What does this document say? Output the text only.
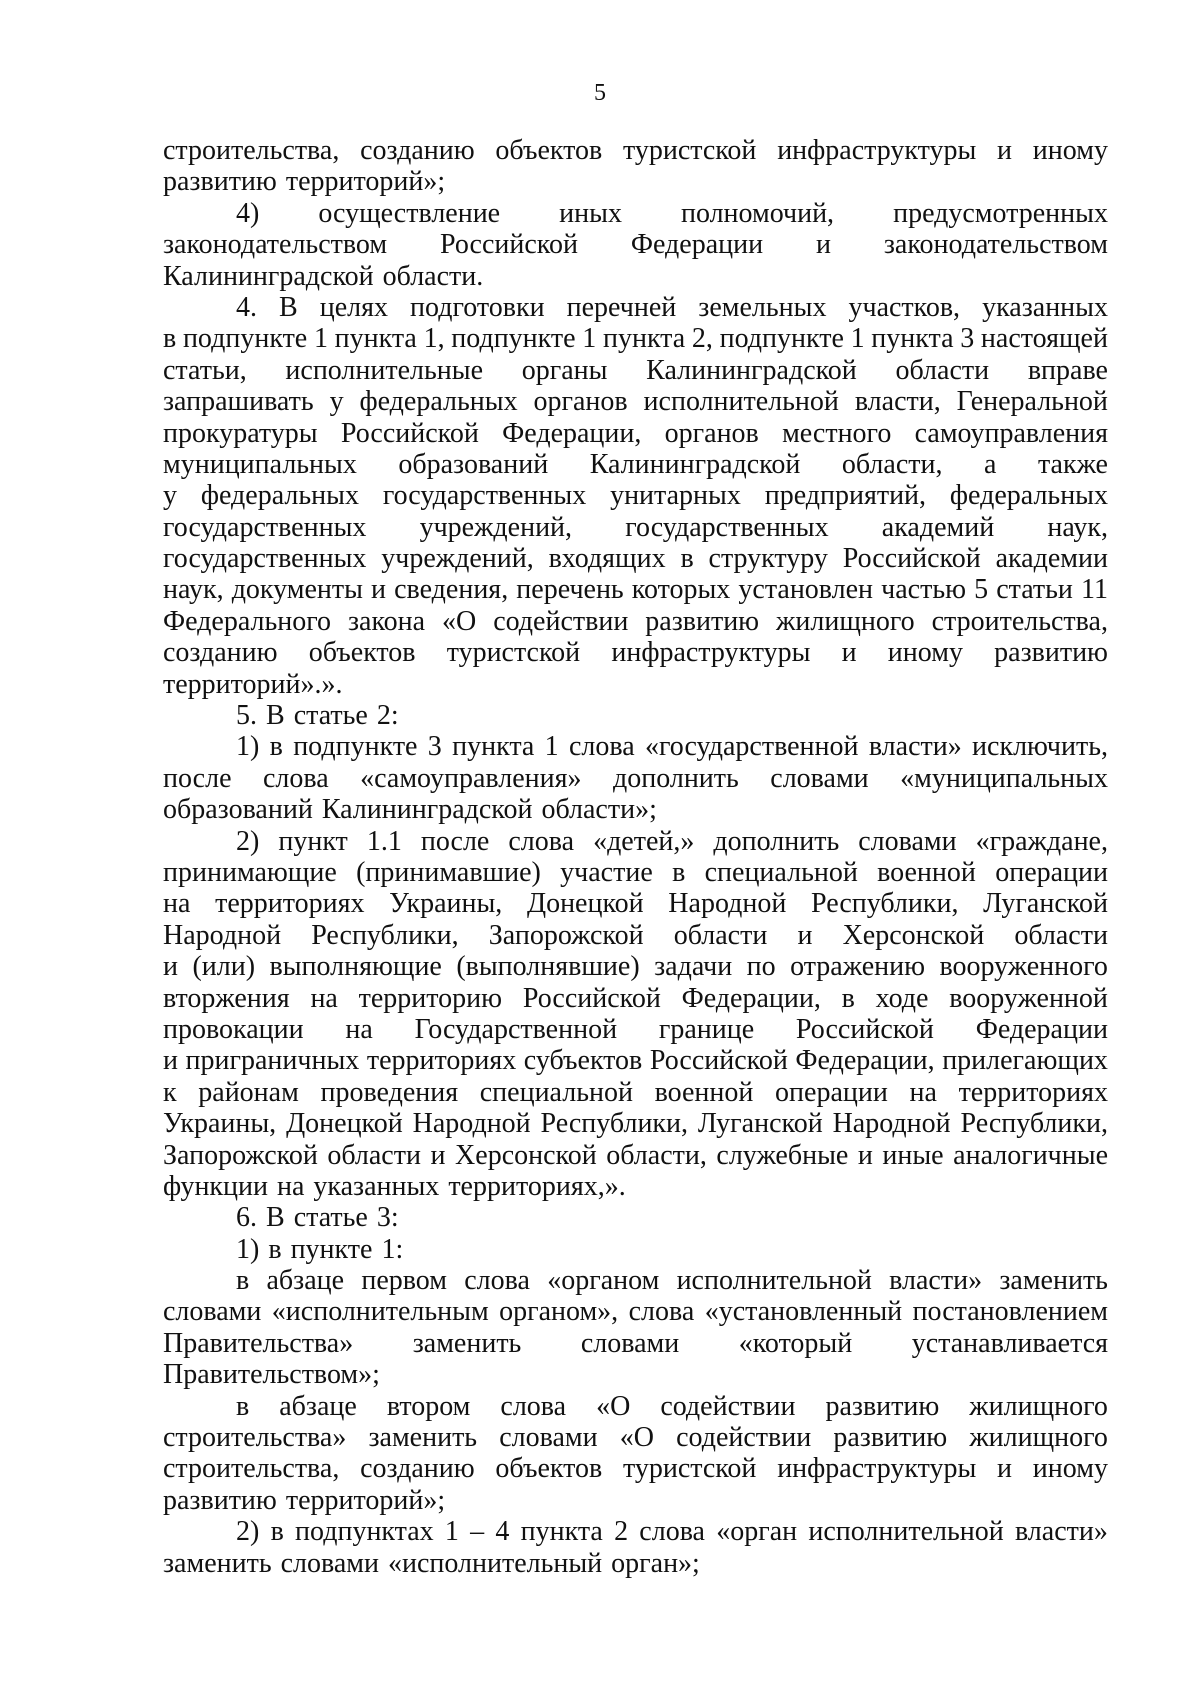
5
строительства, созданию объектов туристской инфраструктуры и иному
развитию территорий»;
4) осуществление иных полномочий, предусмотренных
законодательством Российской Федерации и законодательством
Калининградской области.
4. В целях подготовки перечней земельных участков, указанных
в подпункте 1 пункта 1, подпункте 1 пункта 2, подпункте 1 пункта 3 настоящей
статьи, исполнительные органы Калининградской области вправе
запрашивать у федеральных органов исполнительной власти, Генеральной
прокуратуры Российской Федерации, органов местного самоуправления
муниципальных образований Калининградской области, а также
у федеральных государственных унитарных предприятий, федеральных
государственных учреждений, государственных академий наук,
государственных учреждений, входящих в структуру Российской академии
наук, документы и сведения, перечень которых установлен частью 5 статьи 11
Федерального закона «О содействии развитию жилищного строительства,
созданию объектов туристской инфраструктуры и иному развитию
территорий».».
5. В статье 2:
1) в подпункте 3 пункта 1 слова «государственной власти» исключить,
после слова «самоуправления» дополнить словами «муниципальных
образований Калининградской области»;
2) пункт 1.1 после слова «детей,» дополнить словами «граждане,
принимающие (принимавшие) участие в специальной военной операции
на территориях Украины, Донецкой Народной Республики, Луганской
Народной Республики, Запорожской области и Херсонской области
и (или) выполняющие (выполнявшие) задачи по отражению вооруженного
вторжения на территорию Российской Федерации, в ходе вооруженной
провокации на Государственной границе Российской Федерации
и приграничных территориях субъектов Российской Федерации, прилегающих
к районам проведения специальной военной операции на территориях
Украины, Донецкой Народной Республики, Луганской Народной Республики,
Запорожской области и Херсонской области, служебные и иные аналогичные
функции на указанных территориях,».
6. В статье 3:
1) в пункте 1:
в абзаце первом слова «органом исполнительной власти» заменить
словами «исполнительным органом», слова «установленный постановлением
Правительства» заменить словами «который устанавливается
Правительством»;
в абзаце втором слова «О содействии развитию жилищного
строительства» заменить словами «О содействии развитию жилищного
строительства, созданию объектов туристской инфраструктуры и иному
развитию территорий»;
2) в подпунктах 1 – 4 пункта 2 слова «орган исполнительной власти»
заменить словами «исполнительный орган»;
